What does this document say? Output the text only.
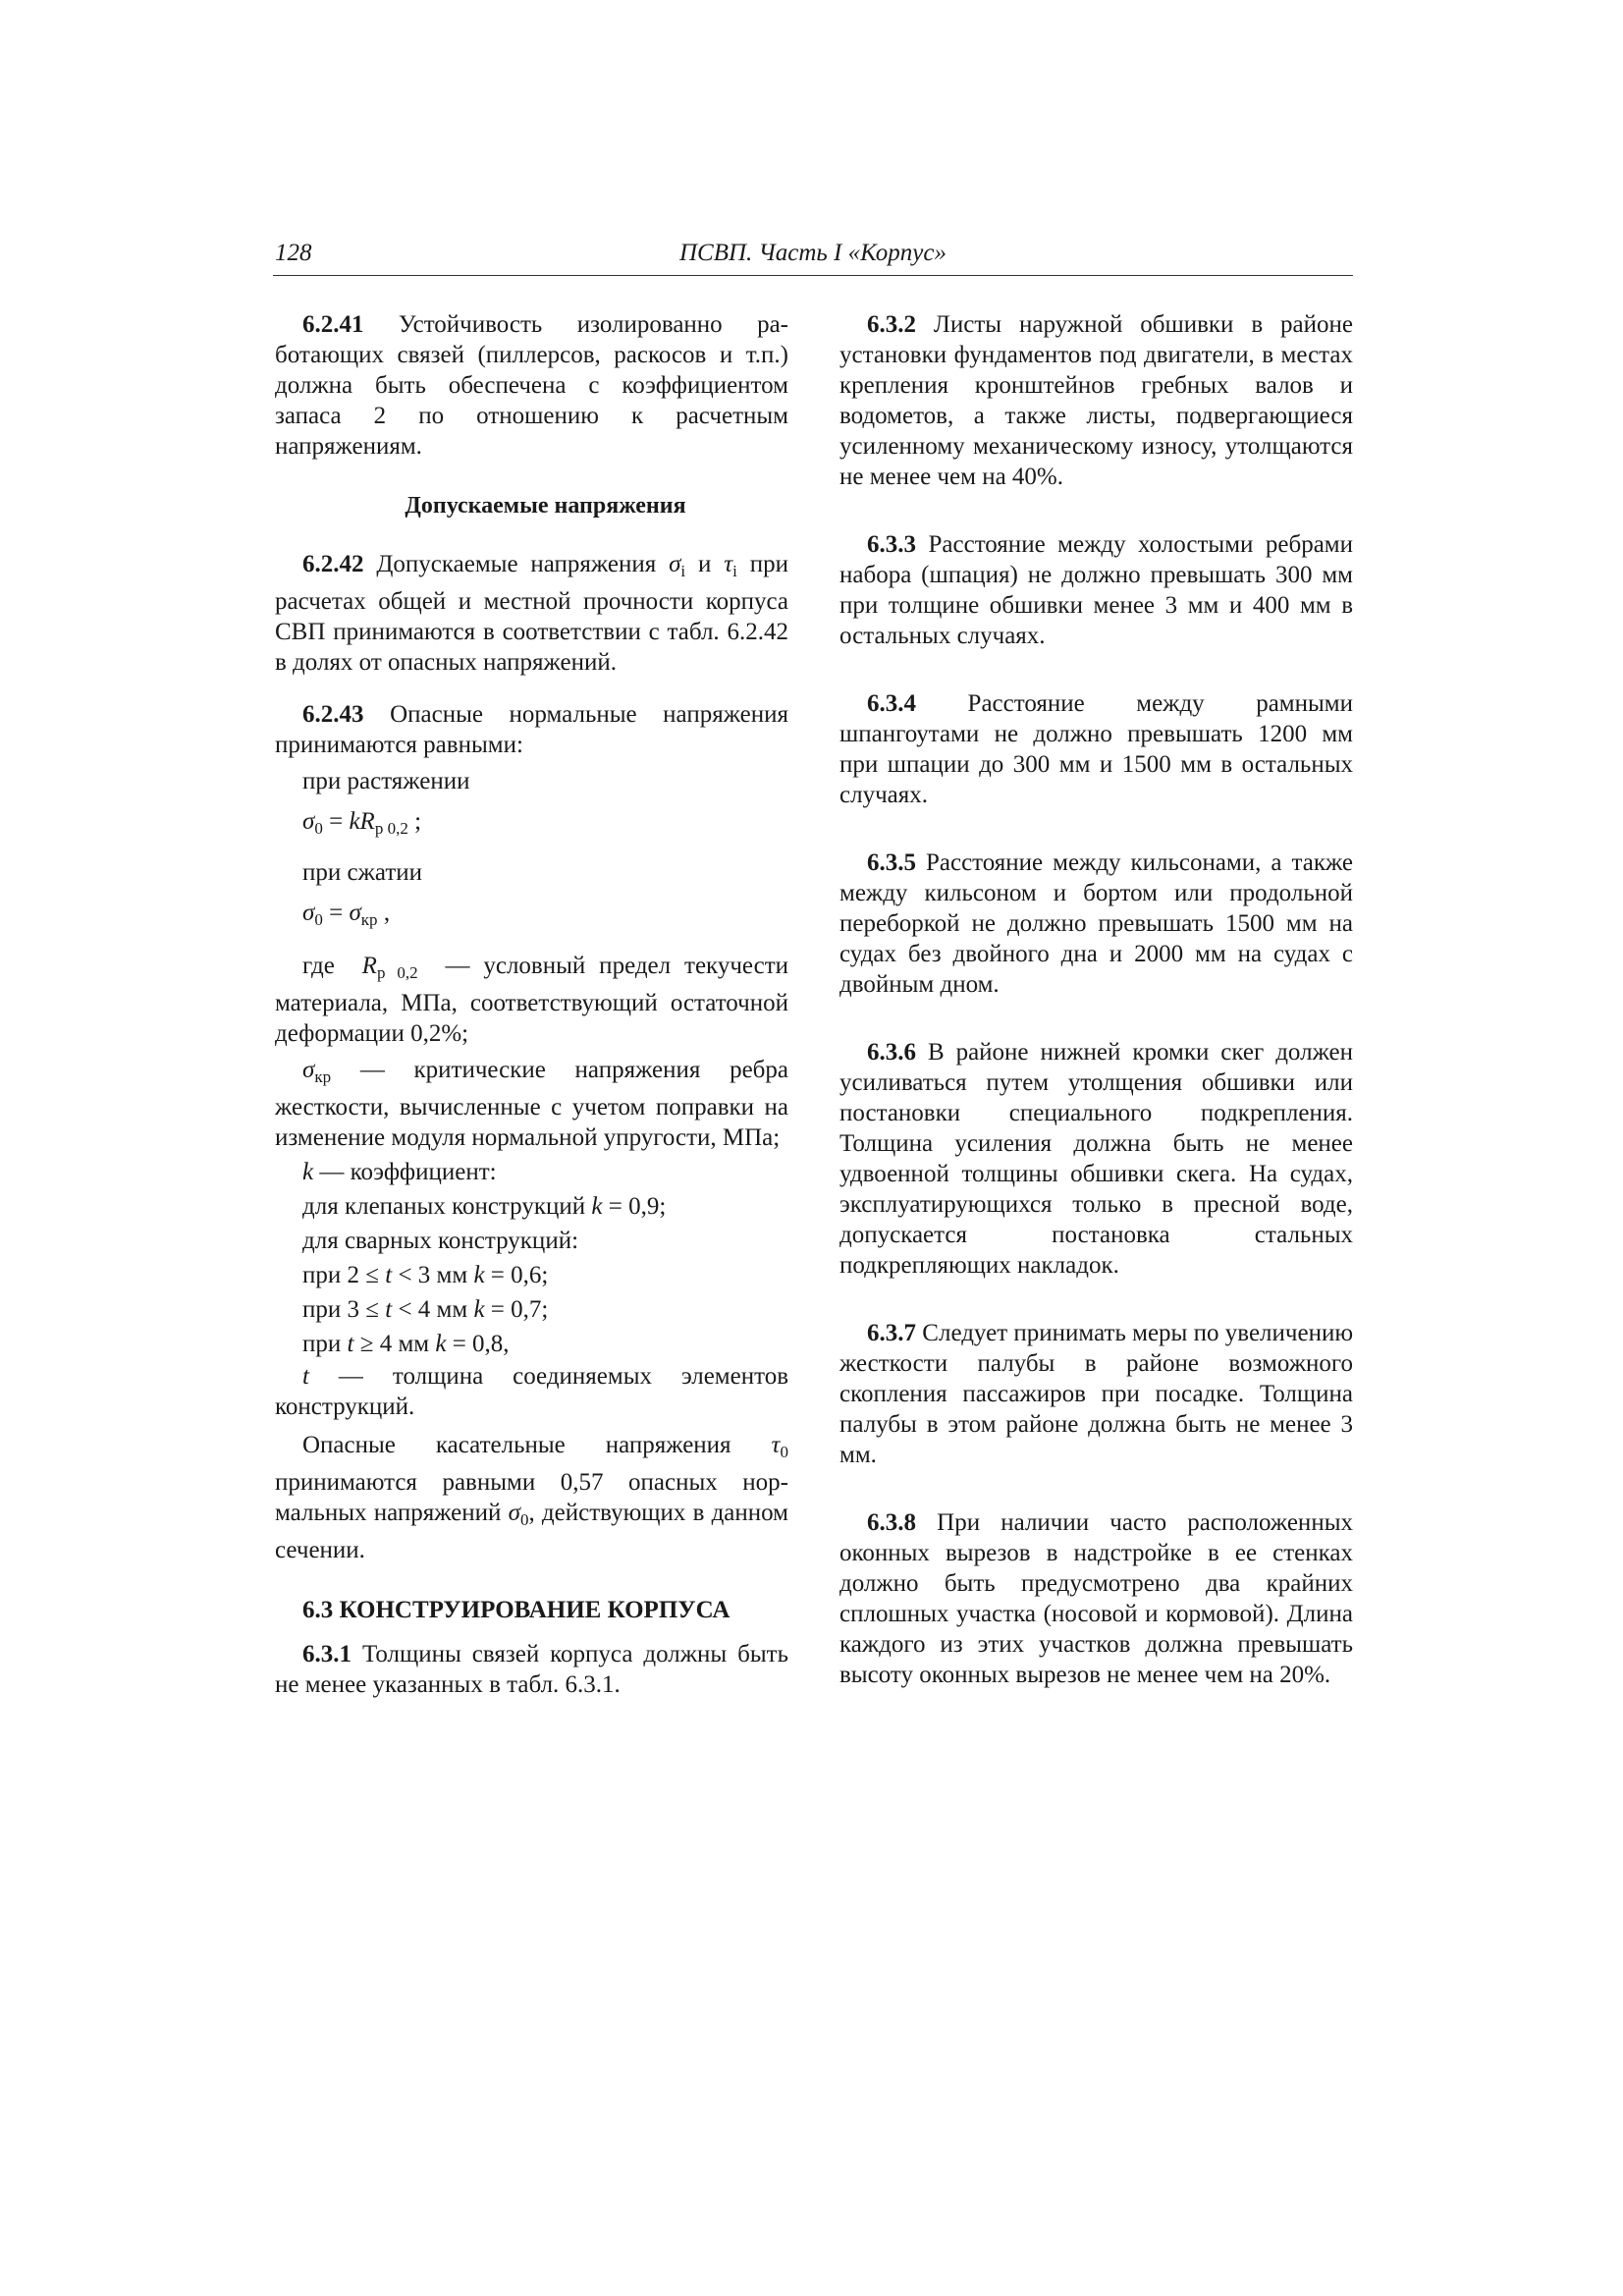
128	ПСВП. Часть I «Корпус»

6.2.41 Устойчивость изолированно работающих связей (пиллерсов, раскосов и т.п.) должна быть обеспечена с коэффициентом запаса 2 по отношению к расчетным напряжениям.

Допускаемые напряжения

6.2.42 Допускаемые напряжения $\sigma_i$ и $\tau_i$ при расчетах общей и местной прочности корпуса СВП принимаются в соответствии с табл. 6.2.42 в долях от опасных напряжений.

6.2.43 Опасные нормальные напряжения принимаются равными:

при растяжении
$\sigma_0 = kR_{р 0,2}$ ;
при сжатии
$\sigma_0 = \sigma_{кр}$ ,

где $R_{р 0,2}$ — условный предел текучести материала, МПа, соответствующий остаточной деформации 0,2%;

$\sigma_{кр}$ — критические напряжения ребра жесткости, вычисленные с учетом поправки на изменение модуля нормальной упругости, МПа;

k — коэффициент:
для клепаных конструкций k = 0,9;
для сварных конструкций:
при 2 ≤ t < 3 мм k = 0,6;
при 3 ≤ t < 4 мм k = 0,7;
при t ≥ 4 мм k = 0,8,

t — толщина соединяемых элементов конструкций.

Опасные касательные напряжения $\tau_0$ принимаются равными 0,57 опасных нормальных напряжений $\sigma_0$, действующих в данном сечении.

6.3 КОНСТРУИРОВАНИЕ КОРПУСА

6.3.1 Толщины связей корпуса должны быть не менее указанных в табл. 6.3.1.

6.3.2 Листы наружной обшивки в районе установки фундаментов под двигатели, в местах крепления кронштейнов гребных валов и водометов, а также листы, подвергающиеся усиленному механическому износу, утолщаются не менее чем на 40%.

6.3.3 Расстояние между холостыми ребрами набора (шпация) не должно превышать 300 мм при толщине обшивки менее 3 мм и 400 мм в остальных случаях.

6.3.4 Расстояние между рамными шпангоутами не должно превышать 1200 мм при шпации до 300 мм и 1500 мм в остальных случаях.

6.3.5 Расстояние между кильсонами, а также между кильсоном и бортом или продольной переборкой не должно превышать 1500 мм на судах без двойного дна и 2000 мм на судах с двойным дном.

6.3.6 В районе нижней кромки скег должен усиливаться путем утолщения обшивки или постановки специального подкрепления. Толщина усиления должна быть не менее удвоенной толщины обшивки скега. На судах, эксплуатирующихся только в пресной воде, допускается постановка стальных подкрепляющих накладок.

6.3.7 Следует принимать меры по увеличению жесткости палубы в районе возможного скопления пассажиров при посадке. Толщина палубы в этом районе должна быть не менее 3 мм.

6.3.8 При наличии часто расположенных оконных вырезов в надстройке в ее стенках должно быть предусмотрено два крайних сплошных участка (носовой и кормовой). Длина каждого из этих участков должна превышать высоту оконных вырезов не менее чем на 20%.
